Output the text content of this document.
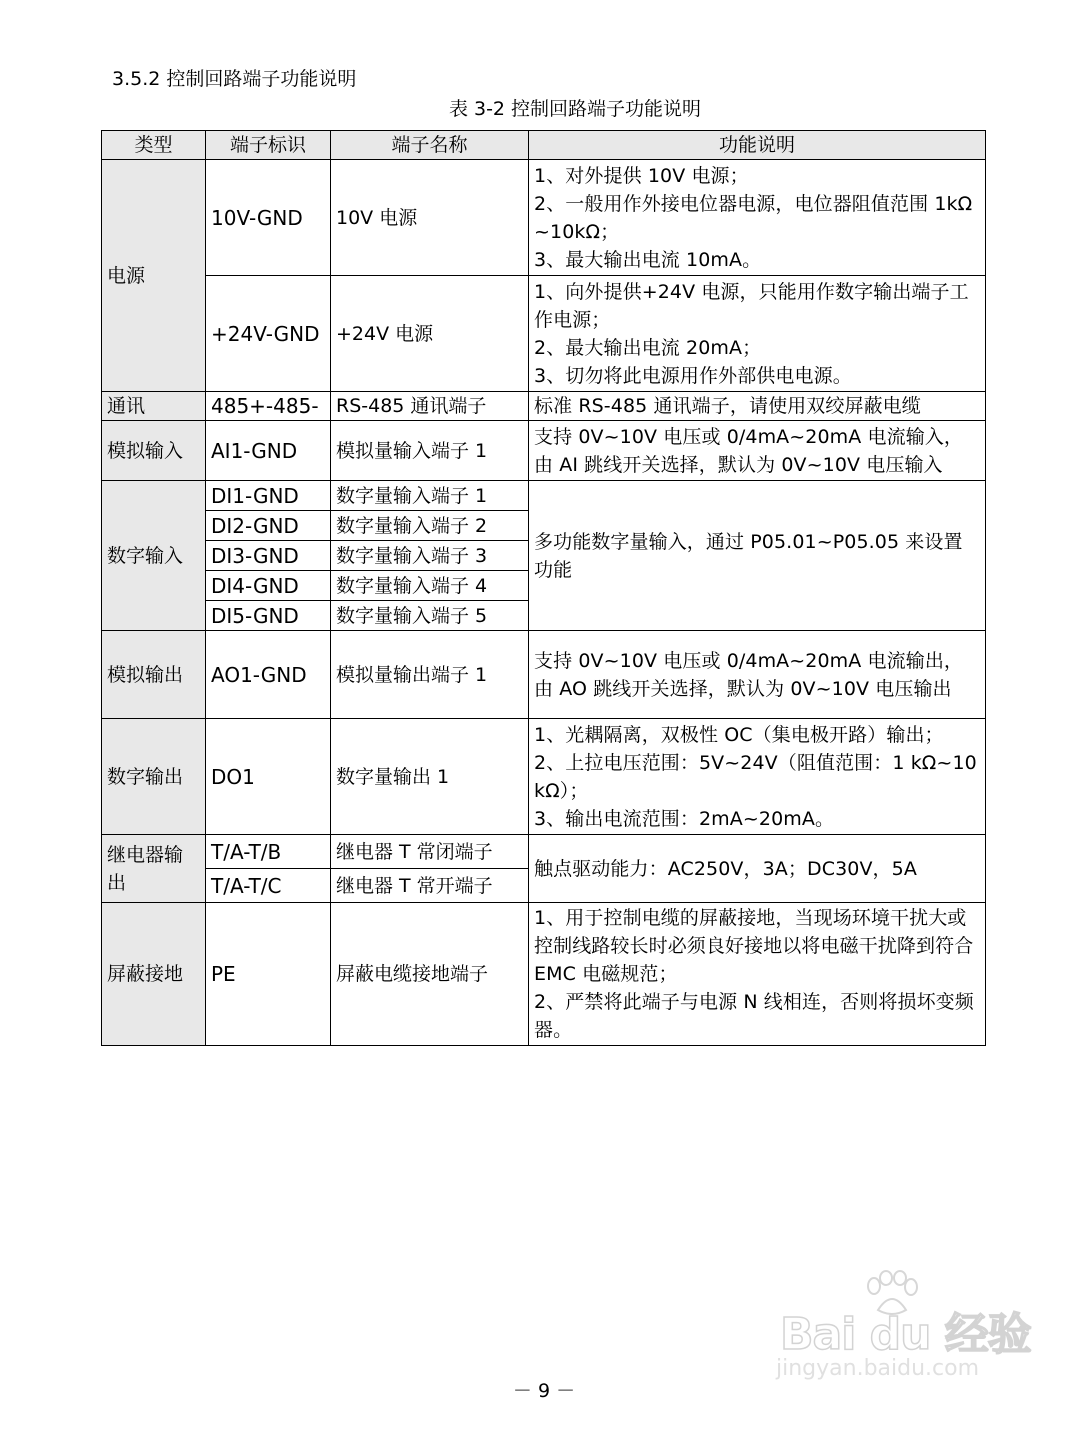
3.5.2 控制回路端子功能说明
表 3-2 控制回路端子功能说明
类型	端子标识	端子名称	功能说明
电源	10V-GND	10V 电源	1、对外提供 10V 电源；
2、一般用作外接电位器电源，电位器阻值范围 1kΩ~10kΩ；
3、最大输出电流 10mA。

	+24V-GND	+24V 电源	1、向外提供+24V 电源，只能用作数字输出端子工作电源；
2、最大输出电流 20mA；
3、切勿将此电源用作外部供电电源。

通讯	485+-485-	RS-485 通讯端子	标准 RS-485 通讯端子，请使用双绞屏蔽电缆

模拟输入	AI1-GND	模拟量输入端子 1	支持 0V~10V 电压或 0/4mA~20mA 电流输入，由 AI 跳线开关选择，默认为 0V~10V 电压输入

数字输入	DI1-GND	数字量输入端子 1	多功能数字量输入，通过 P05.01~P05.05 来设置功能

	DI2-GND	数字量输入端子 2	
	DI3-GND	数字量输入端子 3	
	DI4-GND	数字量输入端子 4	
	DI5-GND	数字量输入端子 5	
模拟输出	AO1-GND	模拟量输出端子 1	支持 0V~10V 电压或 0/4mA~20mA 电流输出，由 AO 跳线开关选择，默认为 0V~10V 电压输出

数字输出	DO1	数字量输出 1	1、光耦隔离，双极性 OC（集电极开路）输出；
2、上拉电压范围：5V~24V（阻值范围：1 kΩ~10 kΩ）；
3、输出电流范围：2mA~20mA。

继电器输出	T/A-T/B	继电器 T 常闭端子	触点驱动能力：AC250V，3A；DC30V，5A

	T/A-T/C	继电器 T 常开端子	
屏蔽接地	PE	屏蔽电缆接地端子	1、用于控制电缆的屏蔽接地，当现场环境干扰大或控制线路较长时必须良好接地以将电磁干扰降到符合 EMC 电磁规范；
2、严禁将此端子与电源 N 线相连，否则将损坏变频器。
－ 9 －
Bai du 经验
jingyan.baidu.com
